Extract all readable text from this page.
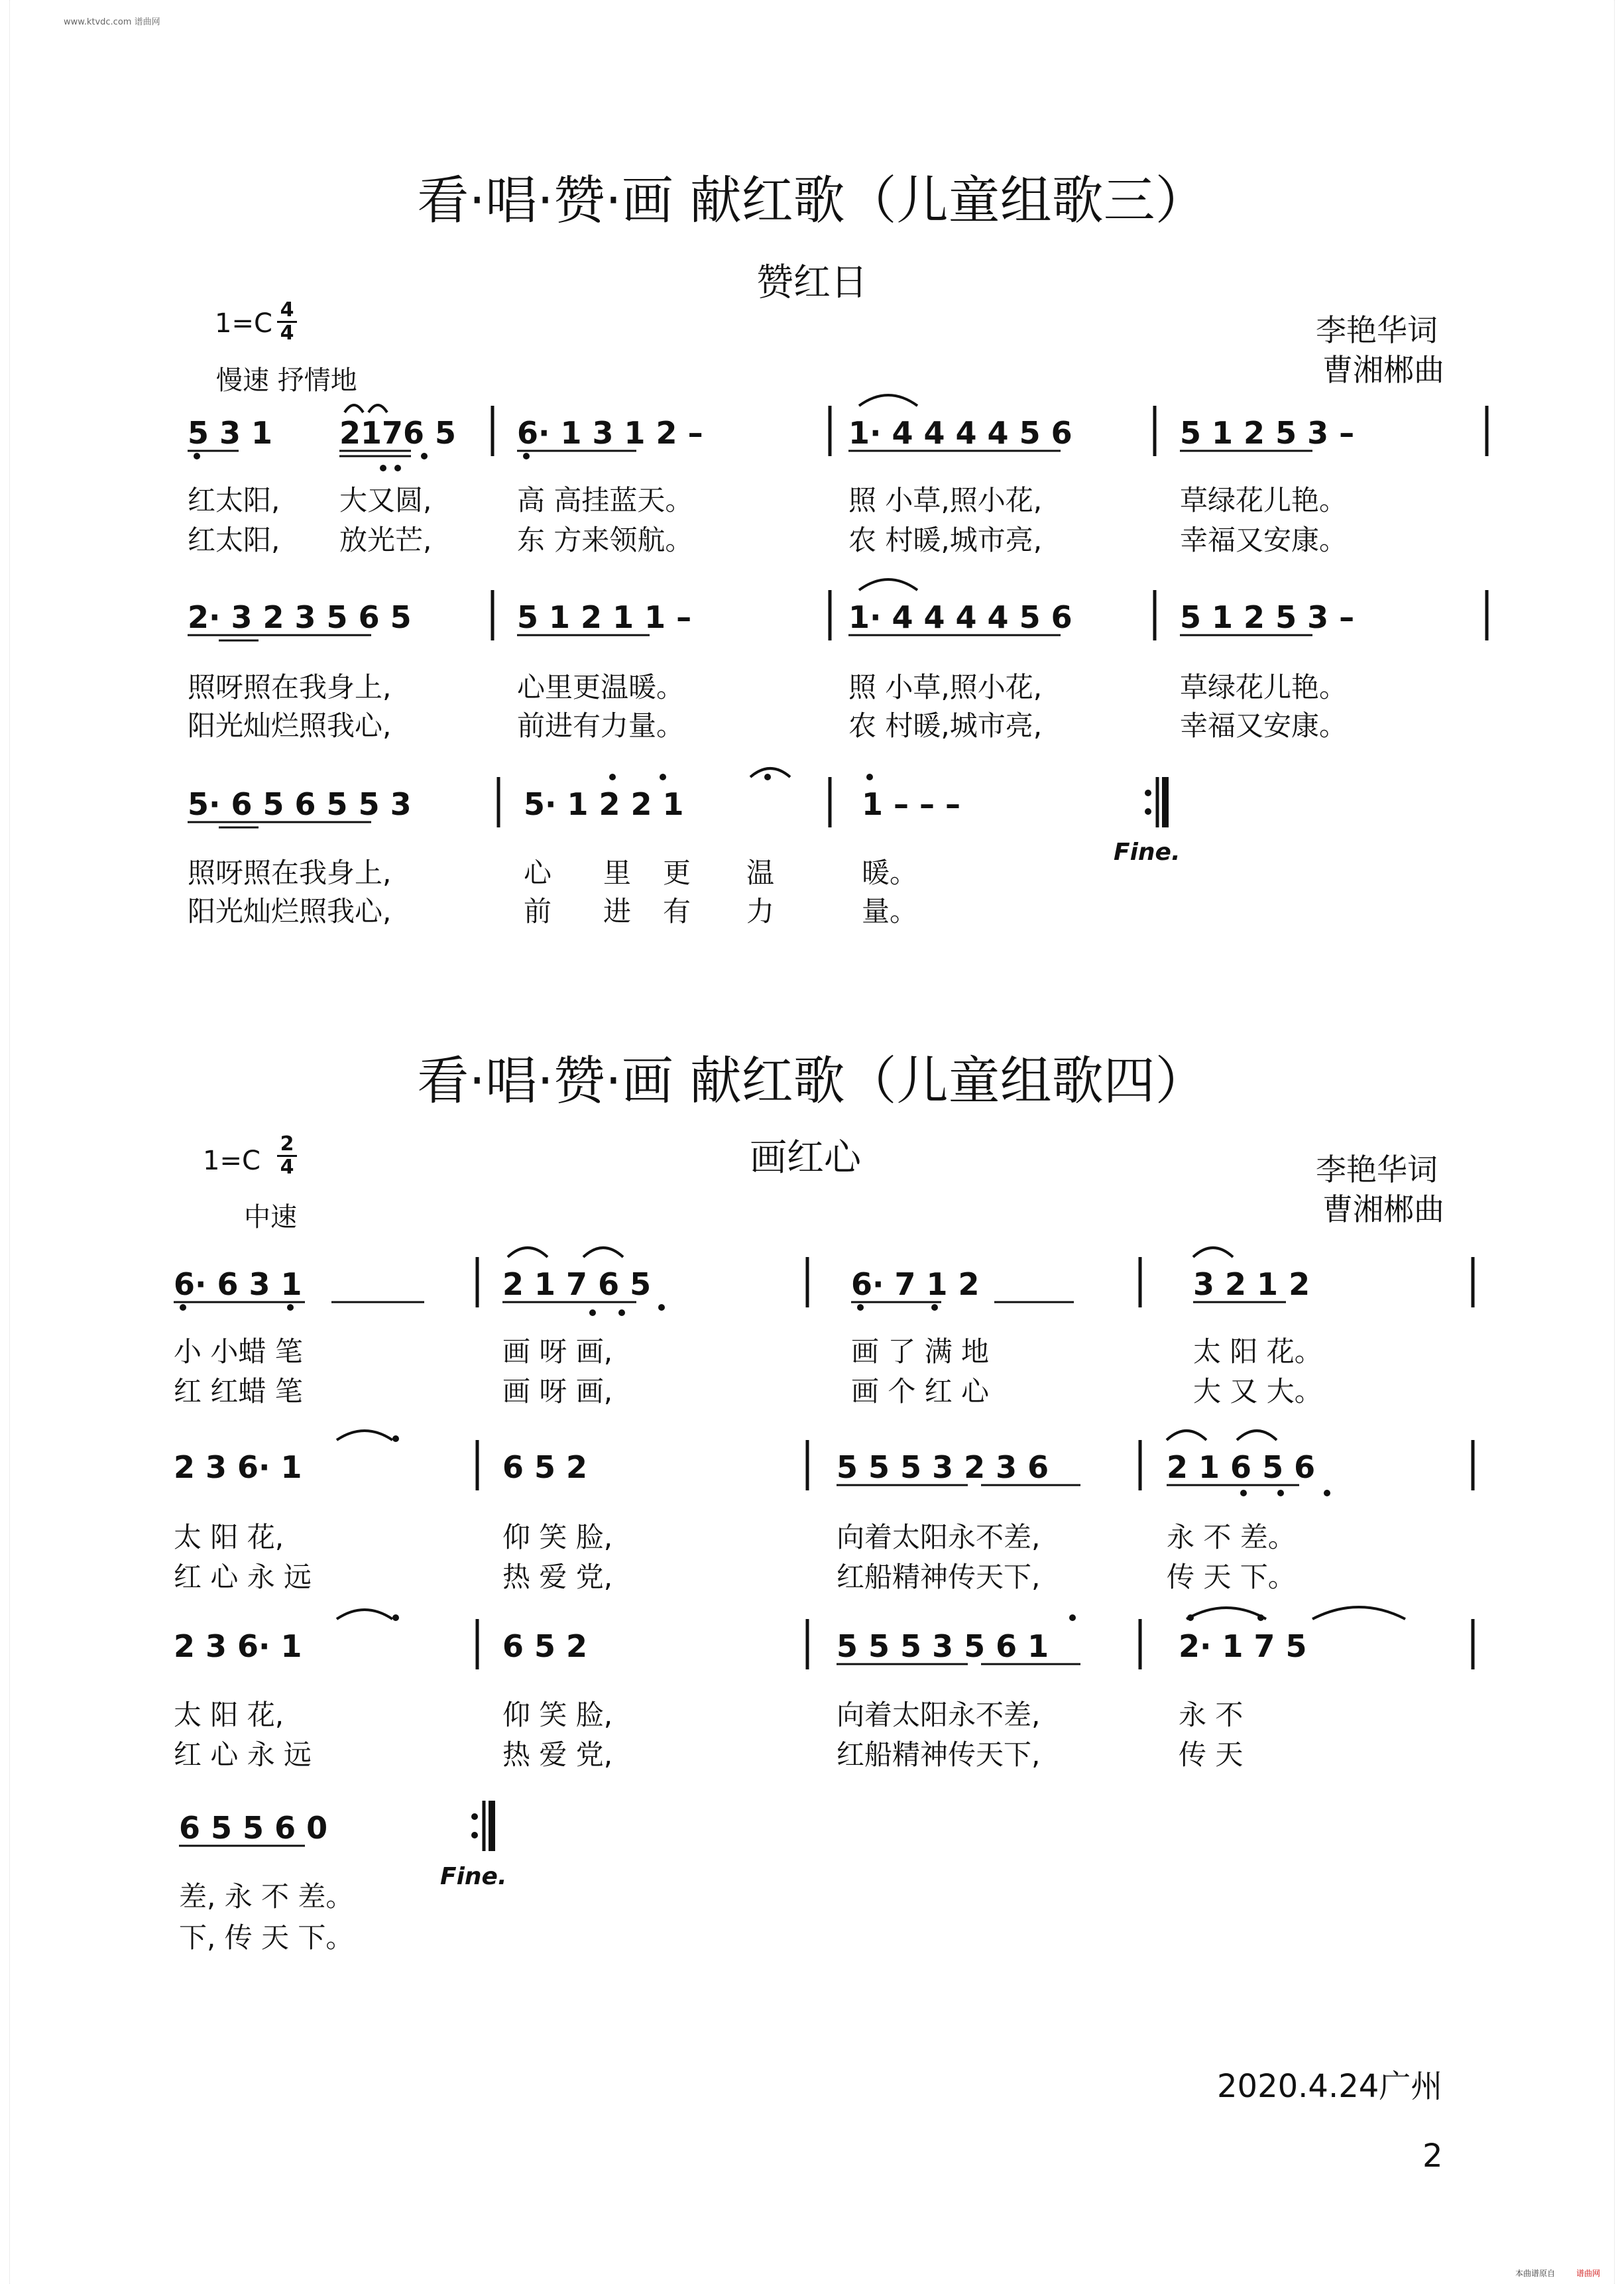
www.ktvdc.com 谱曲网
看·唱·赞·画 献红歌（儿童组歌三）
赞红日
$1=C \frac{4}{4}$
慢速 抒情地
李艳华词
曹湘郴曲
5 3 1 2176 5 6· 1 3 1 2 –	1· 4 4 4 4 5 6	5 1 2 5 3 –
红太阳, 大又圆,	高 高挂蓝天。	照 小草,照小花,	草绿花儿艳。
红太阳, 放光芒,	东 方来领航。	农 村暖,城市亮,	幸福又安康。
2· 3 2 3 5 6 5	5 1 2 1 1 –	1· 4 4 4 4 5 6	5 1 2 5 3 –
照呀照在我身上,	心里更温暖。	照 小草,照小花,	草绿花儿艳。
阳光灿烂照我心,	前进有力量。	农 村暖,城市亮,	幸福又安康。
5· 6 5 6 5 5 3	5· 1 2 2 1	1 – – –
Fine.
照呀照在我身上,	心 里 更 温	暖。
阳光灿烂照我心,	前 进 有 力	量。
看·唱·赞·画 献红歌（儿童组歌四）
画红心
$1=C \frac{2}{4}$
中速
李艳华词
曹湘郴曲
6· 6 3 1	2 1 7 6 5	6· 7 1 2	3 2 1 2
小 小蜡 笔	画 呀 画,	画 了 满 地	太 阳 花。
红 红蜡 笔	画 呀 画,	画 个 红 心	大 又 大。
2 3 6· 1	6 5 2	5 5 5 3 2 3 6	2 1 6 5 6
太 阳 花,	仰 笑 脸,	向着太阳永不差,	永 不 差。
红 心 永 远	热 爱 党,	红船精神传天下,	传 天 下。
2 3 6· 1	6 5 2	5 5 5 3 5 6 1	2· 1 7 5
太 阳 花,	仰 笑 脸,	向着太阳永不差,	永 不
红 心 永 远	热 爱 党,	红船精神传天下,	传 天
6 5 5 6 0
Fine.
差, 永 不 差。
下, 传 天 下。
2020.4.24广州
2
本曲谱原自	谱曲网
